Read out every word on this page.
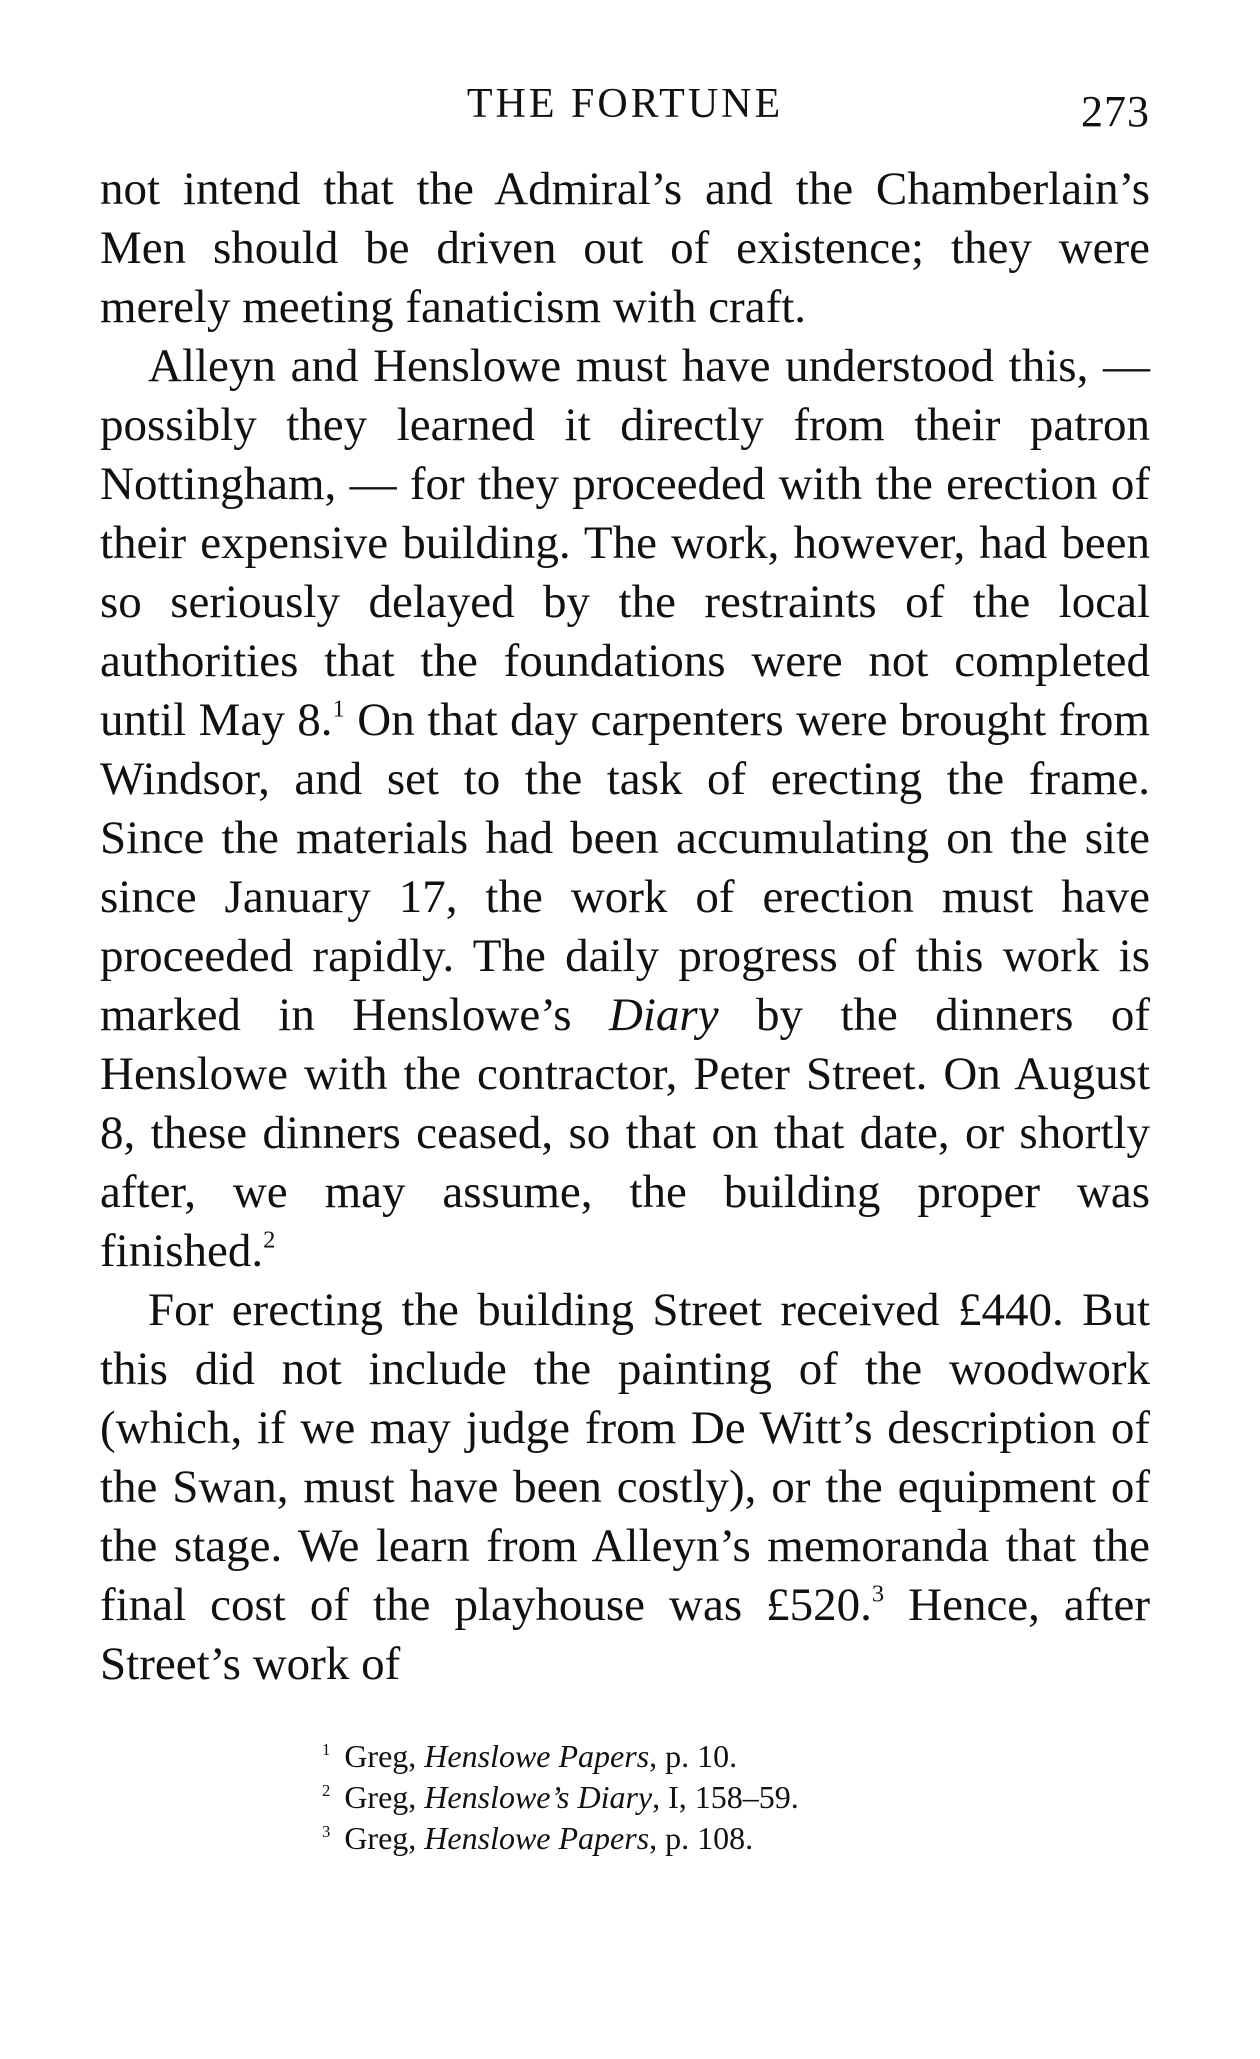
THE FORTUNE	273

not intend that the Admiral’s and the Chamberlain’s Men should be driven out of existence; they were merely meeting fanaticism with craft.

Alleyn and Henslowe must have understood this, — possibly they learned it directly from their patron Nottingham, — for they proceeded with the erection of their expensive building. The work, however, had been so seriously delayed by the restraints of the local authorities that the foundations were not completed until May 8.$^1$ On that day carpenters were brought from Windsor, and set to the task of erecting the frame. Since the materials had been accumulating on the site since January 17, the work of erection must have proceeded rapidly. The daily progress of this work is marked in Henslowe’s Diary by the dinners of Henslowe with the contractor, Peter Street. On August 8, these dinners ceased, so that on that date, or shortly after, we may assume, the building proper was finished.$^2$

For erecting the building Street received £440. But this did not include the painting of the woodwork (which, if we may judge from De Witt’s description of the Swan, must have been costly), or the equipment of the stage. We learn from Alleyn’s memoranda that the final cost of the playhouse was £520.$^3$ Hence, after Street’s work of

$^1$ Greg, Henslowe Papers, p. 10.
$^2$ Greg, Henslowe’s Diary, I, 158–59.
$^3$ Greg, Henslowe Papers, p. 108.
